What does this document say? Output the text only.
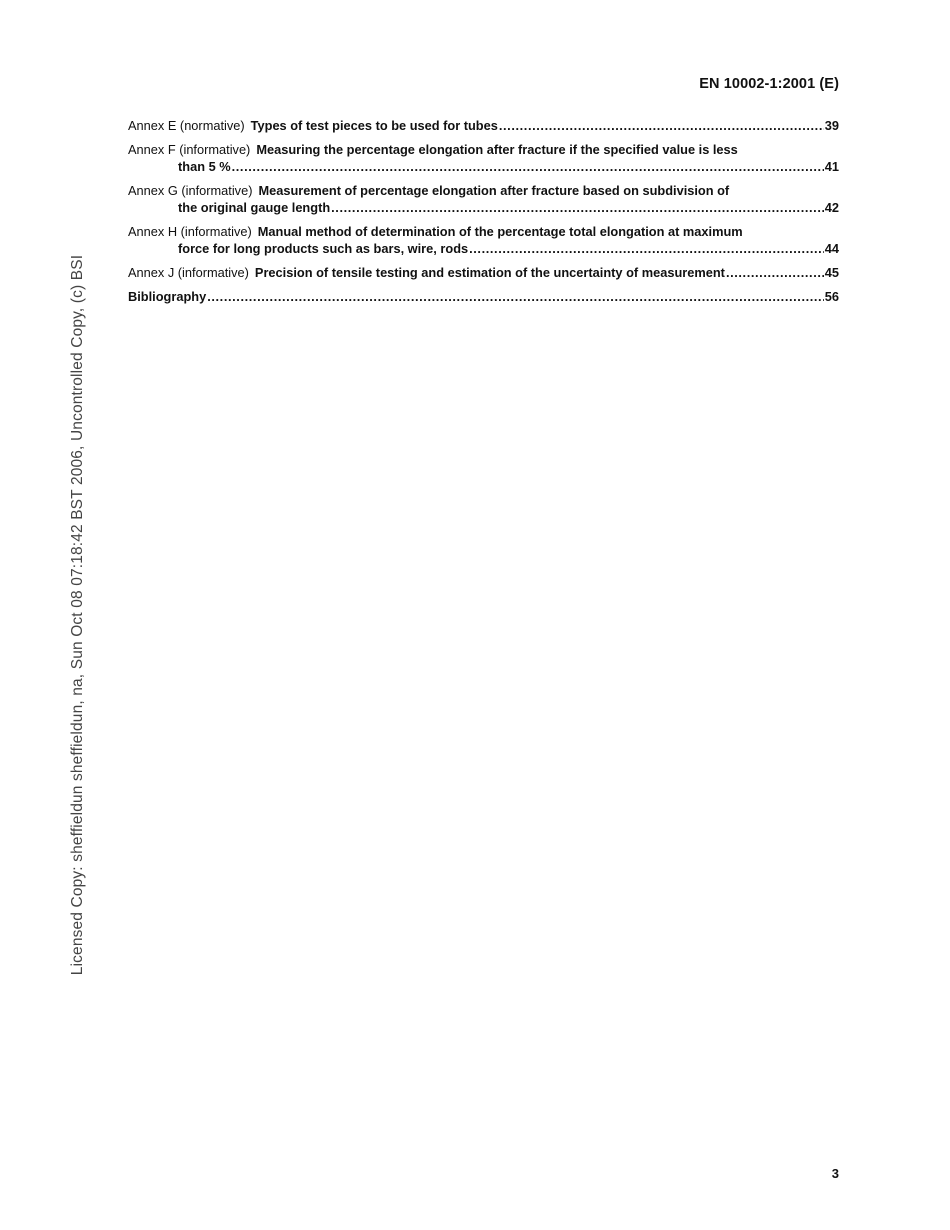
EN 10002-1:2001 (E)
Annex E (normative) Types of test pieces to be used for tubes .....	39
Annex F (informative) Measuring the percentage elongation after fracture if the specified value is less
than 5 % .....	41
Annex G (informative) Measurement of percentage elongation after fracture based on subdivision of
the original gauge length .....	42
Annex H (informative) Manual method of determination of the percentage total elongation at maximum
force for long products such as bars, wire, rods .....	44
Annex J (informative) Precision of tensile testing and estimation of the uncertainty of measurement .....	45
Bibliography .....	56
Licensed Copy: sheffieldun sheffieldun, na, Sun Oct 08 07:18:42 BST 2006, Uncontrolled Copy, (c) BSI
3
